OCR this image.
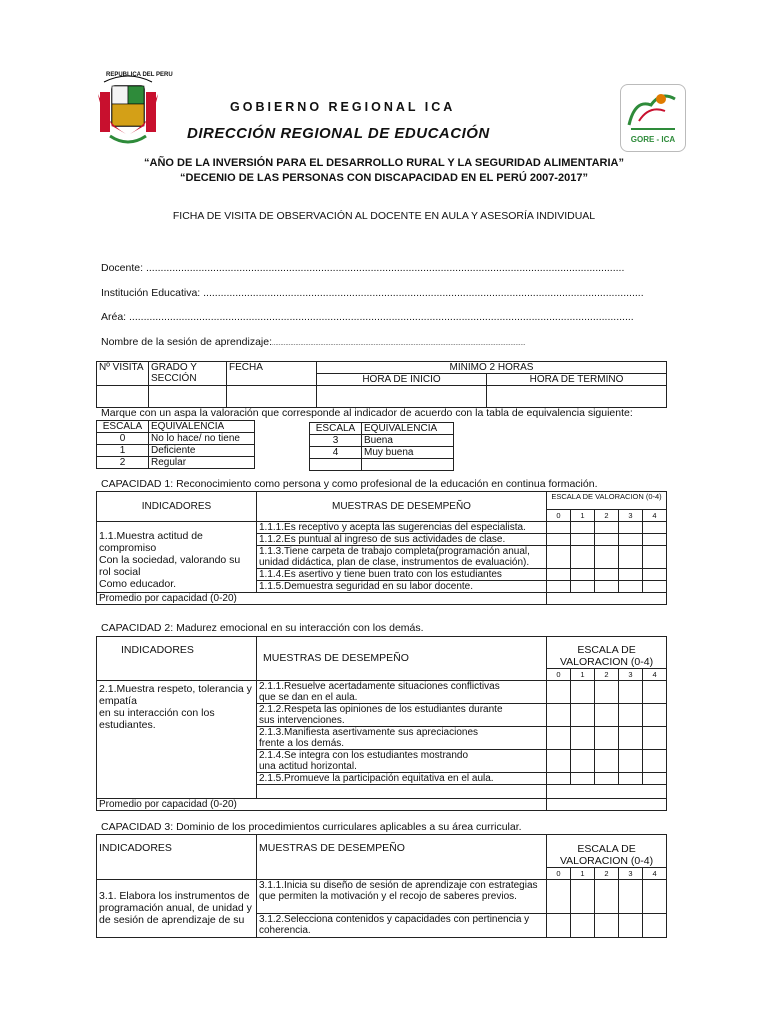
REPUBLICA DEL PERU
GOBIERNO REGIONAL ICA
DIRECCIÓN REGIONAL DE EDUCACIÓN	GORE - ICA
“AÑO DE LA INVERSIÓN PARA EL DESARROLLO RURAL Y LA SEGURIDAD ALIMENTARIA”
“DECENIO DE LAS PERSONAS CON DISCAPACIDAD EN EL PERÚ 2007-2017”
FICHA DE VISITA DE OBSERVACIÓN AL DOCENTE EN AULA Y ASESORÍA INDIVIDUAL
Docente: ....................................................................................................................................................................
Institución Educativa: .......................................................................................................................................................
Aréa: .............................................................................................................................................................................
Nombre de la sesión de aprendizaje:........................................................................................................................................................
Nº VISITA	GRADO Y SECCIÓN	FECHA	MINIMO 2 HORAS	
			HORA DE INICIO	HORA DE TERMINO

Marque con un aspa la valoración que corresponde al indicador de acuerdo con la tabla de equivalencia siguiente:
ESCALA	EQUIVALENCIA
0	No lo hace/ no tiene
1	Deficiente
2	Regular
ESCALA	EQUIVALENCIA
3	Buena
4	Muy buena

CAPACIDAD 1: Reconocimiento como persona y como profesional de la educación en continua formación.
INDICADORES	MUESTRAS DE DESEMPEÑO	ESCALA DE VALORACION (0-4)				
		0	1	2	3	4
1.1.Muestra actitud de compromiso
Con la sociedad, valorando su rol social
Como educador.	1.1.1.Es receptivo y acepta las sugerencias del especialista.					
	1.1.2.Es puntual al ingreso de sus actividades de clase.					
	1.1.3.Tiene carpeta de trabajo completa(programación anual, unidad didáctica, plan de clase, instrumentos de evaluación).					
	1.1.4.Es asertivo y tiene buen trato con los estudiantes					
	1.1.5.Demuestra seguridad en su labor docente.					
Promedio por capacidad (0-20)						
CAPACIDAD 2: Madurez emocional en su interacción con los demás.
INDICADORES	MUESTRAS DE DESEMPEÑO	ESCALA DE VALORACION (0-4)				
		0	1	2	3	4
2.1.Muestra respeto, tolerancia y empatía
en su interacción con los estudiantes.	2.1.1.Resuelve acertadamente situaciones conflictivas
que se dan en el aula.					
	2.1.2.Respeta las opiniones de los estudiantes durante
sus intervenciones.					
	2.1.3.Manifiesta asertivamente sus apreciaciones
frente a los demás.					
	2.1.4.Se integra con los estudiantes mostrando
una actitud horizontal.					
	2.1.5.Promueve la participación equitativa en el aula.					

Promedio por capacidad (0-20)						
CAPACIDAD 3: Dominio de los procedimientos curriculares aplicables a su área curricular.
INDICADORES	MUESTRAS DE DESEMPEÑO	ESCALA DE VALORACION (0-4)				
		0	1	2	3	4
3.1. Elabora los instrumentos de programación anual, de unidad y de sesión de aprendizaje de su	3.1.1.Inicia su diseño de sesión de aprendizaje con estrategias que permiten la motivación y el recojo de saberes previos.					
	3.1.2.Selecciona contenidos y capacidades con pertinencia y coherencia.					
